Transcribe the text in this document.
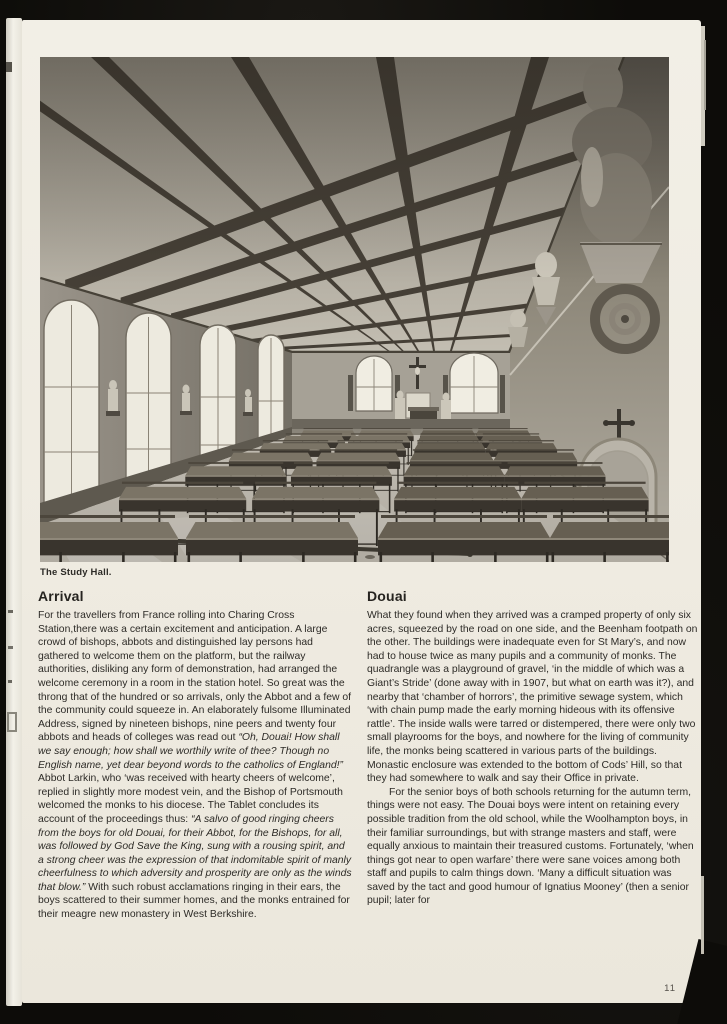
The Study Hall.
Arrival

For the travellers from France rolling into Charing Cross Station,there was a certain excitement and anticipation. A large crowd of bishops, abbots and distinguished lay persons had gathered to welcome them on the platform, but the railway authorities, disliking any form of demonstration, had arranged the welcome ceremony in a room in the station hotel. So great was the throng that of the hundred or so arrivals, only the Abbot and a few of the community could squeeze in. An elaborately fulsome Illuminated Address, signed by nineteen bishops, nine peers and twenty four abbots and heads of colleges was read out “Oh, Douai! How shall we say enough; how shall we worthily write of thee? Though no English name, yet dear beyond words to the catholics of England!” Abbot Larkin, who ‘was received with hearty cheers of welcome’, replied in slightly more modest vein, and the Bishop of Portsmouth welcomed the monks to his diocese. The Tablet concludes its account of the proceedings thus: “A salvo of good ringing cheers from the boys for old Douai, for their Abbot, for the Bishops, for all, was followed by God Save the King, sung with a rousing spirit, and a strong cheer was the expression of that indomitable spirit of manly cheerfulness to which adversity and prosperity are only as the winds that blow.” With such robust acclamations ringing in their ears, the boys scattered to their summer homes, and the monks entrained for their meagre new monastery in West Berkshire.

Douai

What they found when they arrived was a cramped property of only six acres, squeezed by the road on one side, and the Beenham footpath on the other. The buildings were inadequate even for St Mary’s, and now had to house twice as many pupils and a community of monks. The quadrangle was a playground of gravel, ‘in the middle of which was a Giant’s Stride’ (done away with in 1907, but what on earth was it?), and nearby that ‘chamber of horrors’, the primitive sewage system, which ‘with chain pump made the early morning hideous with its offensive rattle’. The inside walls were tarred or distempered, there were only two small playrooms for the boys, and nowhere for the living of community life, the monks being scattered in various parts of the buildings. Monastic enclosure was extended to the bottom of Cods’ Hill, so that they had somewhere to walk and say their Office in private.

For the senior boys of both schools returning for the autumn term, things were not easy. The Douai boys were intent on retaining every possible tradition from the old school, while the Woolhampton boys, in their familiar surroundings, but with strange masters and staff, were equally anxious to maintain their treasured customs. Fortunately, ‘when things got near to open warfare’ there were sane voices among both staff and pupils to calm things down. ‘Many a difficult situation was saved by the tact and good humour of Ignatius Mooney’ (then a senior pupil; later for

11
